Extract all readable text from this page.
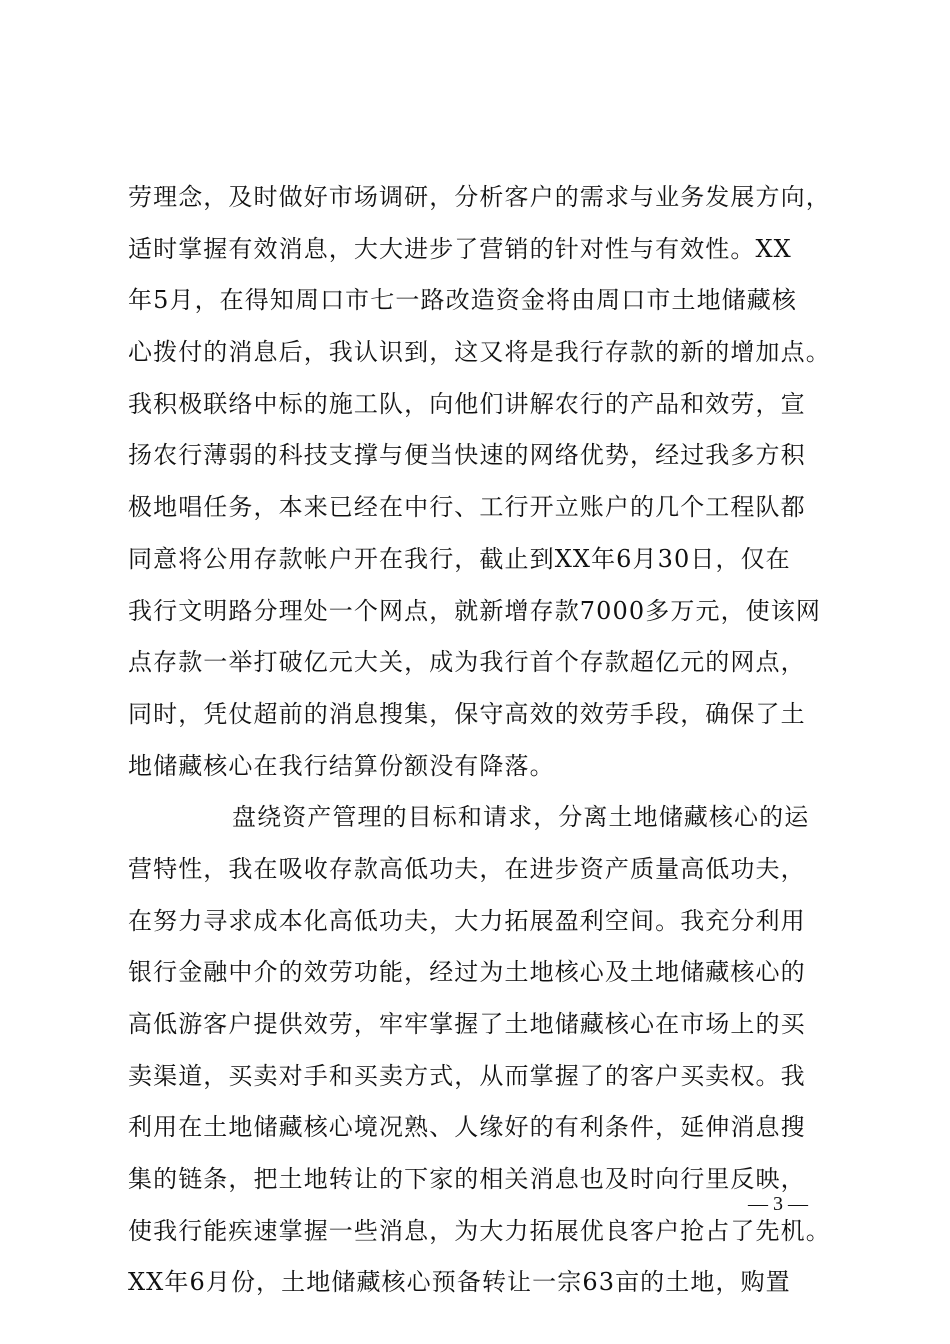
劳理念，及时做好市场调研，分析客户的需求与业务发展方向，
适时掌握有效消息，大大进步了营销的针对性与有效性。XX
年5月，在得知周口市七一路改造资金将由周口市土地储藏核
心拨付的消息后，我认识到，这又将是我行存款的新的增加点。
我积极联络中标的施工队，向他们讲解农行的产品和效劳，宣
扬农行薄弱的科技支撑与便当快速的网络优势，经过我多方积
极地唱任务，本来已经在中行、工行开立账户的几个工程队都
同意将公用存款帐户开在我行，截止到XX年6月30日，仅在
我行文明路分理处一个网点，就新增存款7000多万元，使该网
点存款一举打破亿元大关，成为我行首个存款超亿元的网点，
同时，凭仗超前的消息搜集，保守高效的效劳手段，确保了土
地储藏核心在我行结算份额没有降落。
盘绕资产管理的目标和请求，分离土地储藏核心的运
营特性，我在吸收存款高低功夫，在进步资产质量高低功夫，
在努力寻求成本化高低功夫，大力拓展盈利空间。我充分利用
银行金融中介的效劳功能，经过为土地核心及土地储藏核心的
高低游客户提供效劳，牢牢掌握了土地储藏核心在市场上的买
卖渠道，买卖对手和买卖方式，从而掌握了的客户买卖权。我
利用在土地储藏核心境况熟、人缘好的有利条件，延伸消息搜
集的链条，把土地转让的下家的相关消息也及时向行里反映，
使我行能疾速掌握一些消息，为大力拓展优良客户抢占了先机。
XX年6月份，土地储藏核心预备转让一宗63亩的土地，购置
— 3 —
